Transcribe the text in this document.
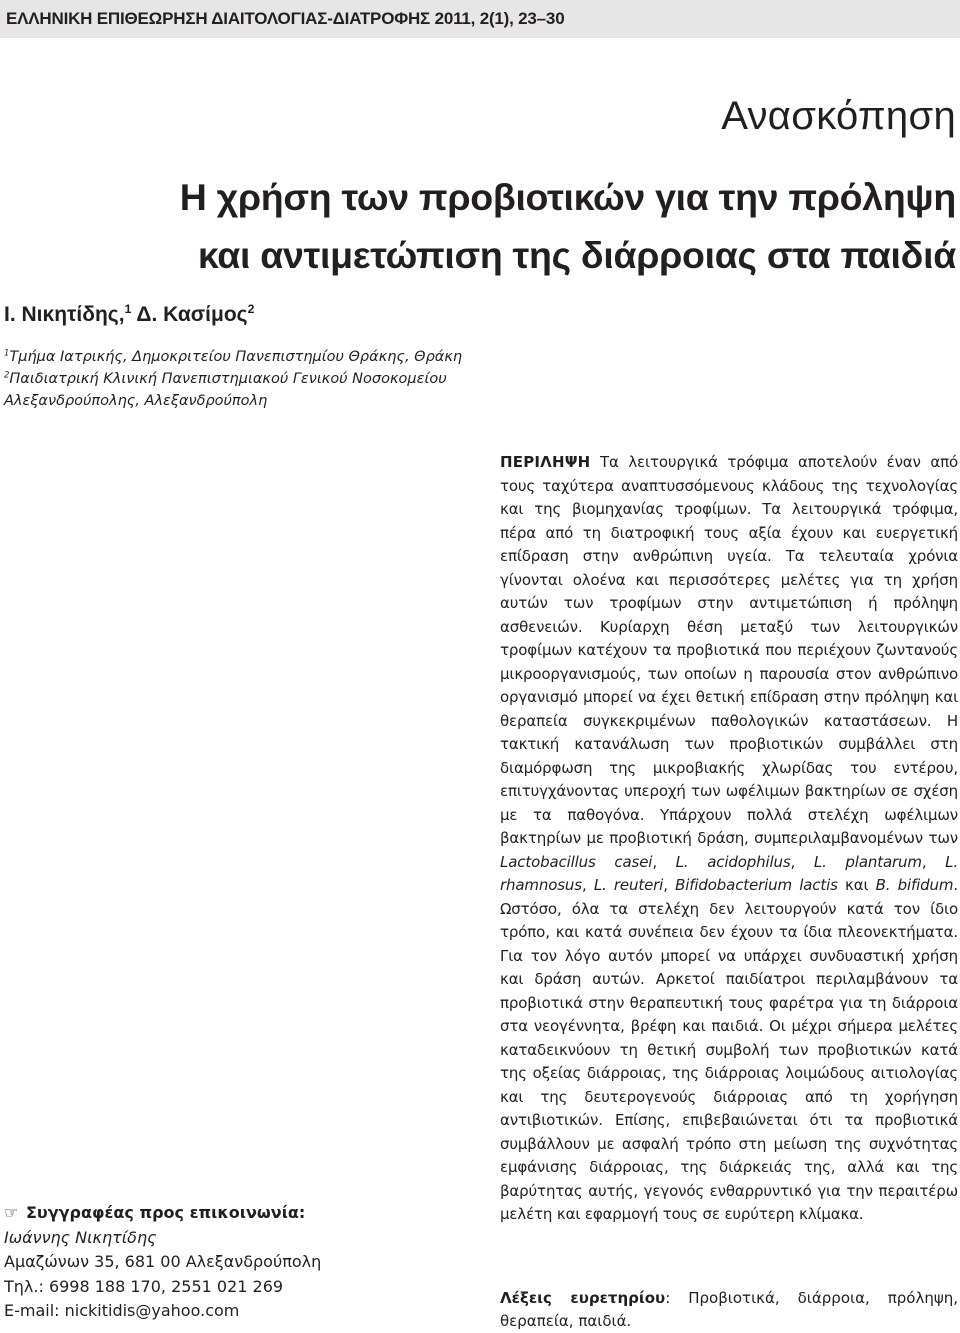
ΕΛΛΗΝΙΚΗ ΕΠΙΘΕΩΡΗΣΗ ΔΙΑΙΤΟΛΟΓΙΑΣ-ΔΙΑΤΡΟΦΗΣ 2011, 2(1), 23–30
Ανασκόπηση
Η χρήση των προβιοτικών για την πρόληψη
και αντιμετώπιση της διάρροιας στα παιδιά
Ι. Νικητίδης,$^1$ Δ. Κασίμος$^2$
$^1$Τμήμα Ιατρικής, Δημοκριτείου Πανεπιστημίου Θράκης, Θράκη
$^2$Παιδιατρική Κλινική Πανεπιστημιακού Γενικού Νοσοκομείου
Αλεξανδρούπολης, Αλεξανδρούπολη
ΠΕΡΙΛΗΨΗ Τα λειτουργικά τρόφιμα αποτελούν έναν από τους ταχύτερα αναπτυσσόμενους κλάδους της τεχνολογίας και της βιομηχανίας τροφίμων. Τα λειτουργικά τρόφιμα, πέρα από τη διατροφική τους αξία έχουν και ευεργετική επίδραση στην ανθρώπινη υγεία. Τα τελευταία χρόνια γίνονται ολοένα και περισσότερες μελέτες για τη χρήση αυτών των τροφίμων στην αντιμετώπιση ή πρόληψη ασθενειών. Κυρίαρχη θέση μεταξύ των λειτουργικών τροφίμων κατέχουν τα προβιοτικά που περιέχουν ζωντανούς μικροοργανισμούς, των οποίων η παρουσία στον ανθρώπινο οργανισμό μπορεί να έχει θετική επίδραση στην πρόληψη και θεραπεία συγκεκριμένων παθολογικών καταστάσεων. Η τακτική κατανάλωση των προβιοτικών συμβάλλει στη διαμόρφωση της μικροβιακής χλωρίδας του εντέρου, επιτυγχάνοντας υπεροχή των ωφέλιμων βακτηρίων σε σχέση με τα παθογόνα. Υπάρχουν πολλά στελέχη ωφέλιμων βακτηρίων με προβιοτική δράση, συμπεριλαμβανομένων των Lactobacillus casei, L. acidophilus, L. plantarum, L. rhamnosus, L. reuteri, Bifidobacterium lactis και B. bifidum. Ωστόσο, όλα τα στελέχη δεν λειτουργούν κατά τον ίδιο τρόπο, και κατά συνέπεια δεν έχουν τα ίδια πλεονεκτήματα. Για τον λόγο αυτόν μπορεί να υπάρχει συνδυαστική χρήση και δράση αυτών. Αρκετοί παιδίατροι περιλαμβάνουν τα προβιοτικά στην θεραπευτική τους φαρέτρα για τη διάρροια στα νεογέννητα, βρέφη και παιδιά. Οι μέχρι σήμερα μελέτες καταδεικνύουν τη θετική συμβολή των προβιοτικών κατά της οξείας διάρροιας, της διάρροιας λοιμώδους αιτιολογίας και της δευτερογενούς διάρροιας από τη χορήγηση αντιβιοτικών. Επίσης, επιβεβαιώνεται ότι τα προβιοτικά συμβάλλουν με ασφαλή τρόπο στη μείωση της συχνότητας εμφάνισης διάρροιας, της διάρκειάς της, αλλά και της βαρύτητας αυτής, γεγονός ενθαρρυντικό για την περαιτέρω μελέτη και εφαρμογή τους σε ευρύτερη κλίμακα.
Λέξεις ευρετηρίου: Προβιοτικά, διάρροια, πρόληψη, θεραπεία, παιδιά.
☞ Συγγραφέας προς επικοινωνία:
Ιωάννης Νικητίδης
Αμαζώνων 35, 681 00 Αλεξανδρούπολη
Τηλ.: 6998 188 170, 2551 021 269
E-mail: nickitidis@yahoo.com
